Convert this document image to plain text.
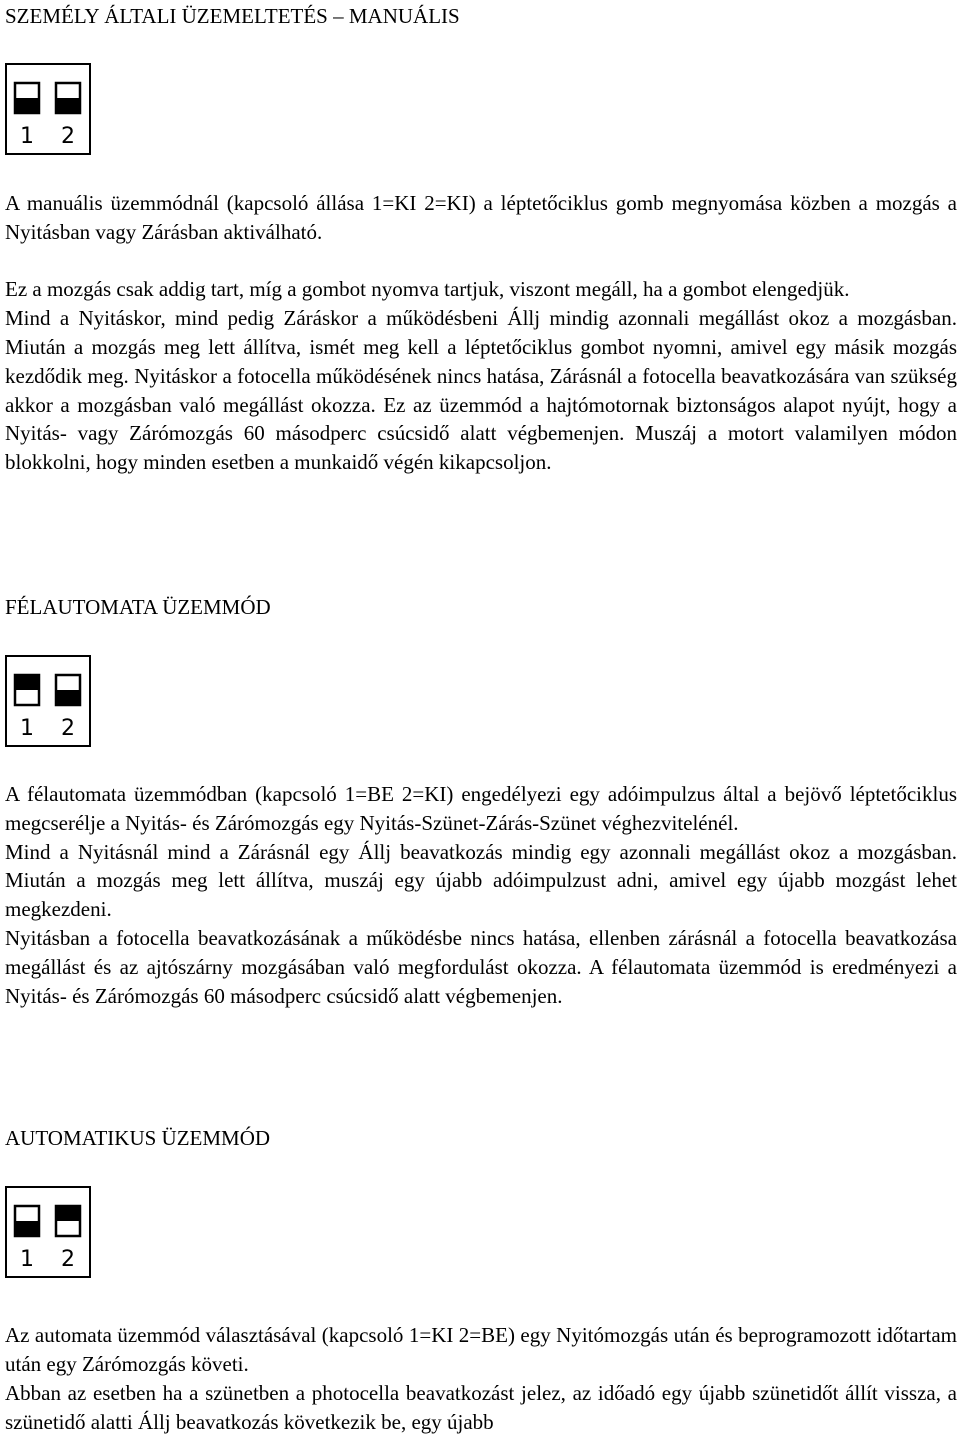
SZEMÉLY ÁLTALI ÜZEMELTETÉS – MANUÁLIS
1 2

A manuális üzemmódnál (kapcsoló állása 1=KI 2=KI) a léptetőciklus gomb megnyomása közben a mozgás a Nyitásban vagy Zárásban aktiválható.

Ez a mozgás csak addig tart, míg a gombot nyomva tartjuk, viszont megáll, ha a gombot elengedjük.

Mind a Nyitáskor, mind pedig Záráskor a működésbeni Állj mindig azonnali megállást okoz a mozgásban. Miután a mozgás meg lett állítva, ismét meg kell a léptetőciklus gombot nyomni, amivel egy másik mozgás kezdődik meg. Nyitáskor a fotocella működésének nincs hatása, Zárásnál a fotocella beavatkozására van szükség akkor a mozgásban való megállást okozza. Ez az üzemmód a hajtómotornak biztonságos alapot nyújt, hogy a Nyitás- vagy Zárómozgás 60 másodperc csúcsidő alatt végbemenjen. Muszáj a motort valamilyen módon blokkolni, hogy minden esetben a munkaidő végén kikapcsoljon.

FÉLAUTOMATA ÜZEMMÓD
1 2

A félautomata üzemmódban (kapcsoló 1=BE 2=KI) engedélyezi egy adóimpulzus által a bejövő léptetőciklus megcserélje a Nyitás- és Zárómozgás egy Nyitás-Szünet-Zárás-Szünet véghezvitelénél.

Mind a Nyitásnál mind a Zárásnál egy Állj beavatkozás mindig egy azonnali megállást okoz a mozgásban. Miután a mozgás meg lett állítva, muszáj egy újabb adóimpulzust adni, amivel egy újabb mozgást lehet megkezdeni.

Nyitásban a fotocella beavatkozásának a működésbe nincs hatása, ellenben zárásnál a fotocella beavatkozása megállást és az ajtószárny mozgásában való megfordulást okozza. A félautomata üzemmód is eredményezi a Nyitás- és Zárómozgás 60 másodperc csúcsidő alatt végbemenjen.

AUTOMATIKUS ÜZEMMÓD
1 2

Az automata üzemmód választásával (kapcsoló 1=KI 2=BE) egy Nyitómozgás után és beprogramozott időtartam után egy Zárómozgás követi.

Abban az esetben ha a szünetben a photocella beavatkozást jelez, az időadó egy újabb szünetidőt állít vissza, a szünetidő alatti Állj beavatkozás következik be, egy újabb
